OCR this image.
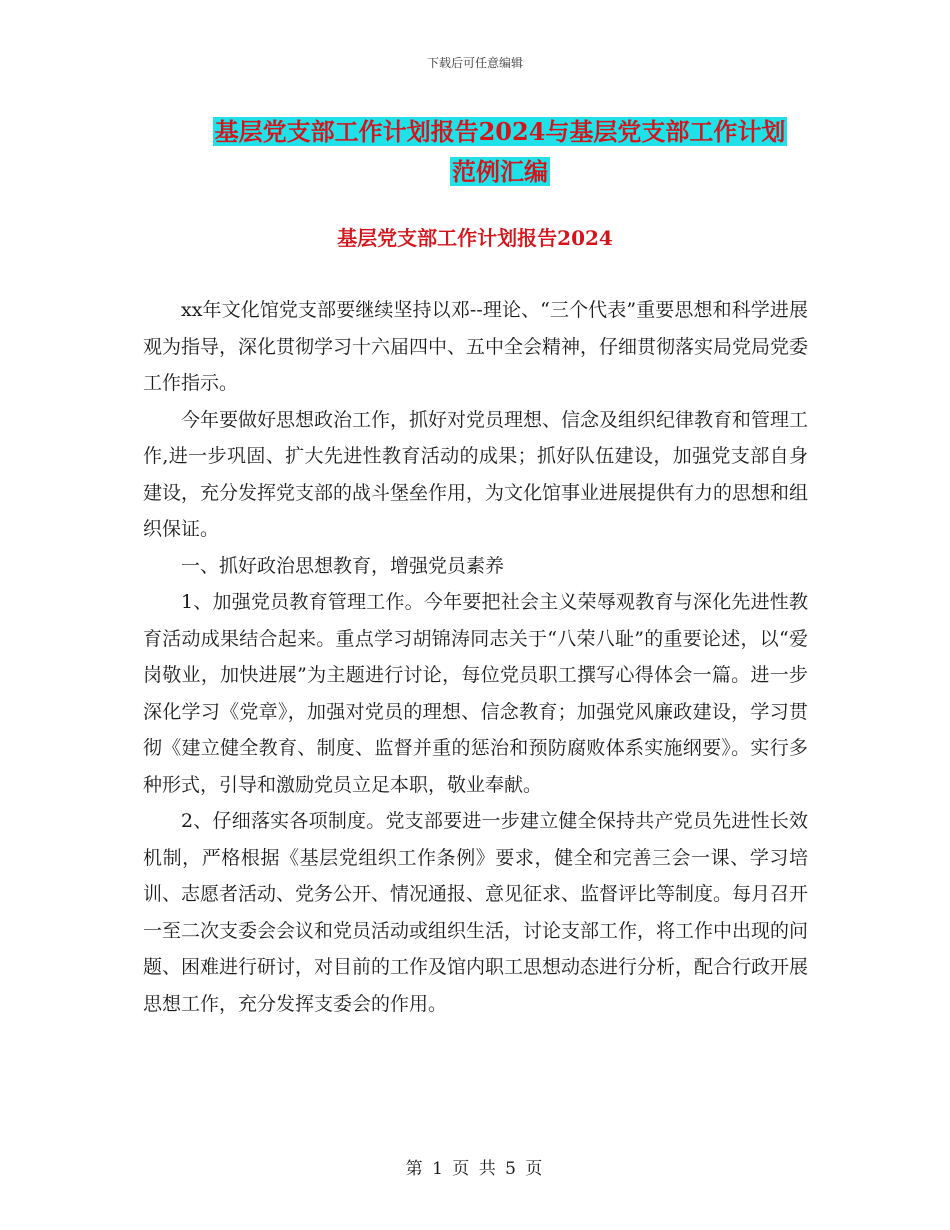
下载后可任意编辑
基层党支部工作计划报告2024与基层党支部工作计划
范例汇编
基层党支部工作计划报告2024

xx年文化馆党支部要继续坚持以邓--理论、“三个代表”重要思想和科学进展观为指导，深化贯彻学习十六届四中、五中全会精神，仔细贯彻落实局党局党委工作指示。

今年要做好思想政治工作，抓好对党员理想、信念及组织纪律教育和管理工作,进一步巩固、扩大先进性教育活动的成果；抓好队伍建设，加强党支部自身建设，充分发挥党支部的战斗堡垒作用，为文化馆事业进展提供有力的思想和组织保证。

一、抓好政治思想教育，增强党员素养

1、加强党员教育管理工作。今年要把社会主义荣辱观教育与深化先进性教育活动成果结合起来。重点学习胡锦涛同志关于“八荣八耻”的重要论述，以“爱岗敬业，加快进展”为主题进行讨论，每位党员职工撰写心得体会一篇。进一步深化学习《党章》，加强对党员的理想、信念教育；加强党风廉政建设，学习贯彻《建立健全教育、制度、监督并重的惩治和预防腐败体系实施纲要》。实行多种形式，引导和激励党员立足本职，敬业奉献。

2、仔细落实各项制度。党支部要进一步建立健全保持共产党员先进性长效机制，严格根据《基层党组织工作条例》要求，健全和完善三会一课、学习培训、志愿者活动、党务公开、情况通报、意见征求、监督评比等制度。每月召开一至二次支委会会议和党员活动或组织生活，讨论支部工作，将工作中出现的问题、困难进行研讨，对目前的工作及馆内职工思想动态进行分析，配合行政开展思想工作，充分发挥支委会的作用。

第 1 页 共 5 页
